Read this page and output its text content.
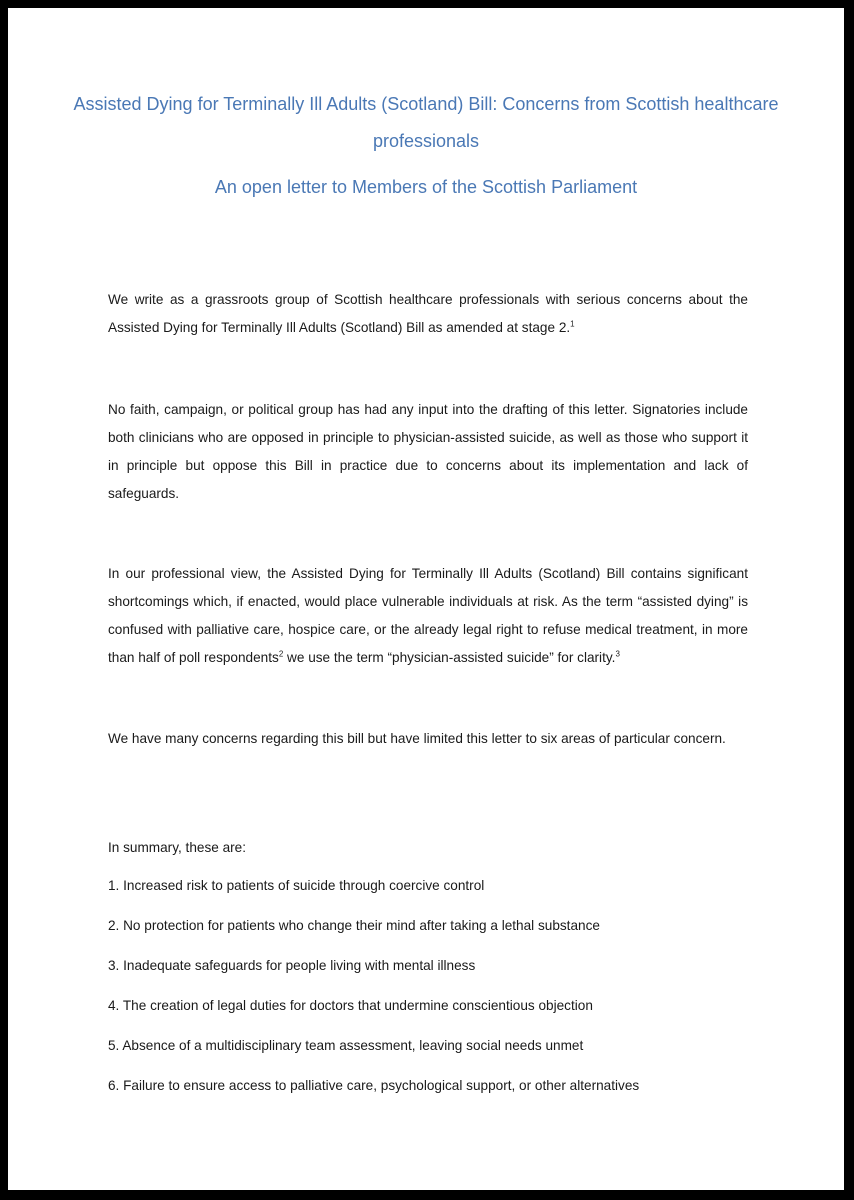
Assisted Dying for Terminally Ill Adults (Scotland) Bill: Concerns from Scottish healthcare professionals
An open letter to Members of the Scottish Parliament

We write as a grassroots group of Scottish healthcare professionals with serious concerns about the Assisted Dying for Terminally Ill Adults (Scotland) Bill as amended at stage 2.$^1$

No faith, campaign, or political group has had any input into the drafting of this letter. Signatories include both clinicians who are opposed in principle to physician-assisted suicide, as well as those who support it in principle but oppose this Bill in practice due to concerns about its implementation and lack of safeguards.

In our professional view, the Assisted Dying for Terminally Ill Adults (Scotland) Bill contains significant shortcomings which, if enacted, would place vulnerable individuals at risk. As the term “assisted dying” is confused with palliative care, hospice care, or the already legal right to refuse medical treatment, in more than half of poll respondents$^2$ we use the term “physician-assisted suicide” for clarity.$^3$

We have many concerns regarding this bill but have limited this letter to six areas of particular concern.

In summary, these are:

1. Increased risk to patients of suicide through coercive control

2. No protection for patients who change their mind after taking a lethal substance

3. Inadequate safeguards for people living with mental illness

4. The creation of legal duties for doctors that undermine conscientious objection

5. Absence of a multidisciplinary team assessment, leaving social needs unmet

6. Failure to ensure access to palliative care, psychological support, or other alternatives
